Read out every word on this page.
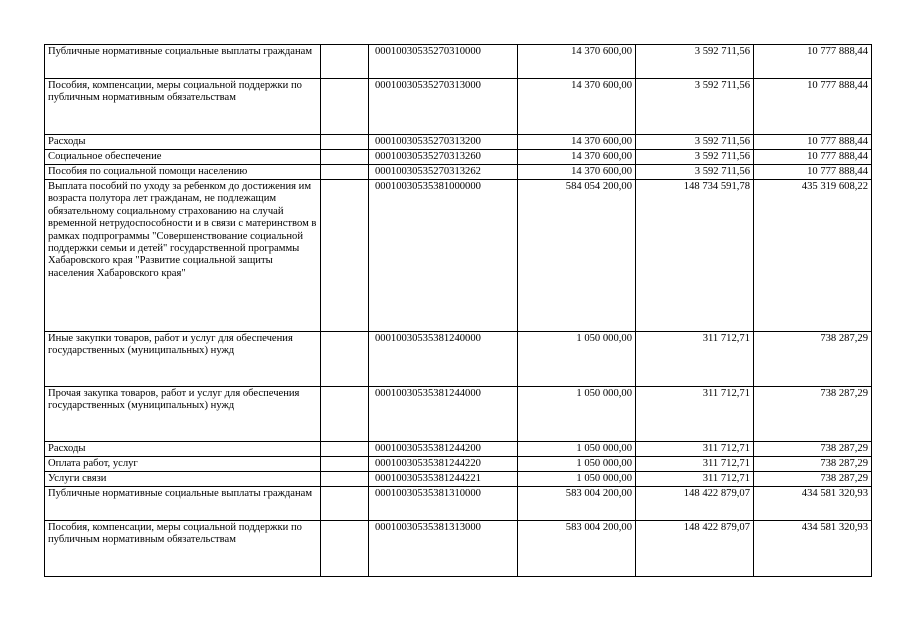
Публичные нормативные социальные выплаты гражданам		00010030535270310000	14 370 600,00	3 592 711,56	10 777 888,44
Пособия, компенсации, меры социальной поддержки по публичным нормативным обязательствам		00010030535270313000	14 370 600,00	3 592 711,56	10 777 888,44
Расходы		00010030535270313200	14 370 600,00	3 592 711,56	10 777 888,44
Социальное обеспечение		00010030535270313260	14 370 600,00	3 592 711,56	10 777 888,44
Пособия по социальной помощи населению		00010030535270313262	14 370 600,00	3 592 711,56	10 777 888,44
Выплата пособий по уходу за ребенком до достижения им возраста полутора лет гражданам, не подлежащим обязательному социальному страхованию на случай временной нетрудоспособности и в связи с материнством в рамках подпрограммы "Совершенствование социальной поддержки семьи и детей" государственной программы Хабаровского края "Развитие социальной защиты населения Хабаровского края"		00010030535381000000	584 054 200,00	148 734 591,78	435 319 608,22
Иные закупки товаров, работ и услуг для обеспечения государственных (муниципальных) нужд		00010030535381240000	1 050 000,00	311 712,71	738 287,29
Прочая закупка товаров, работ и услуг для обеспечения государственных (муниципальных) нужд		00010030535381244000	1 050 000,00	311 712,71	738 287,29
Расходы		00010030535381244200	1 050 000,00	311 712,71	738 287,29
Оплата работ, услуг		00010030535381244220	1 050 000,00	311 712,71	738 287,29
Услуги связи		00010030535381244221	1 050 000,00	311 712,71	738 287,29
Публичные нормативные социальные выплаты гражданам		00010030535381310000	583 004 200,00	148 422 879,07	434 581 320,93
Пособия, компенсации, меры социальной поддержки по публичным нормативным обязательствам		00010030535381313000	583 004 200,00	148 422 879,07	434 581 320,93
